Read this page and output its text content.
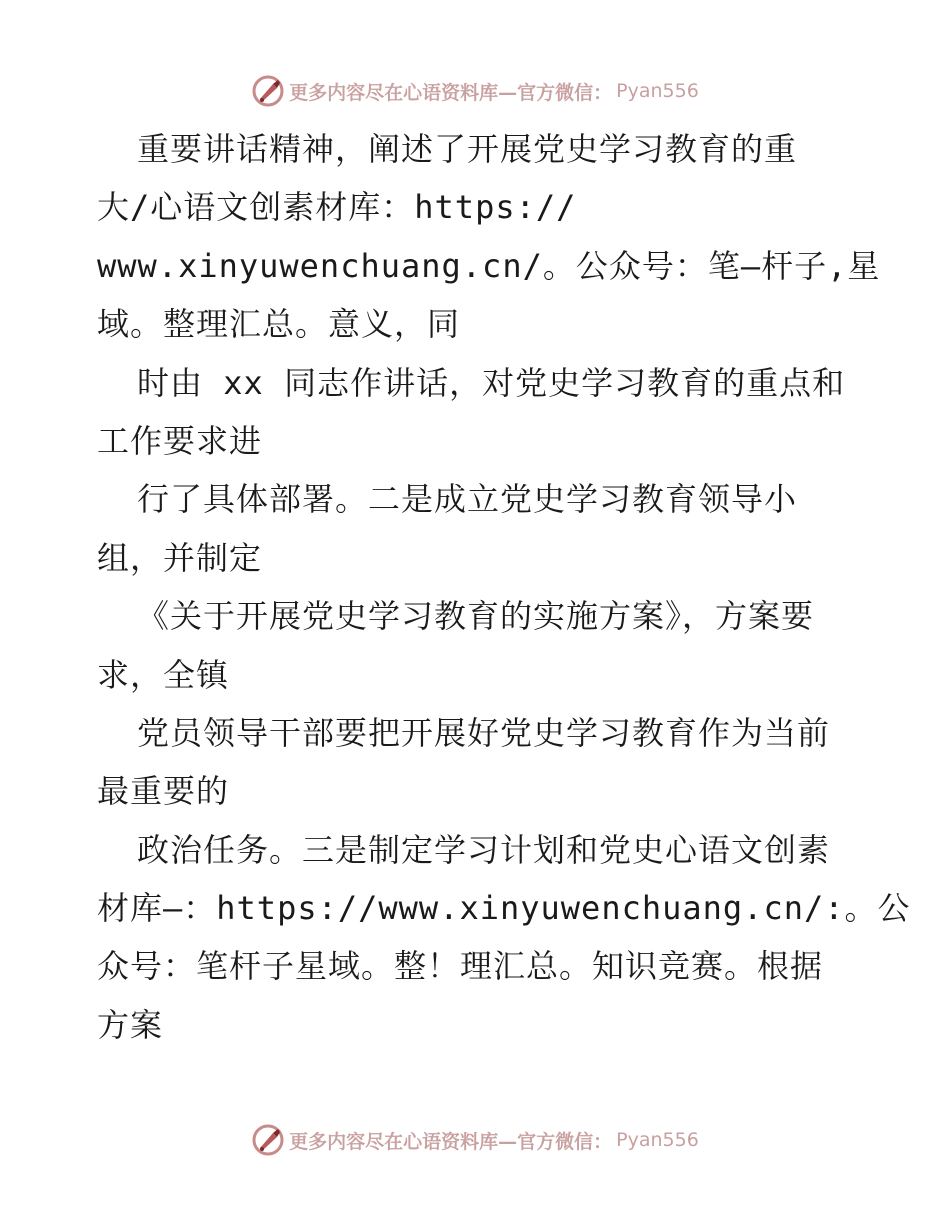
更多内容尽在心语资料库—官方微信： Pyan556
重要讲话精神，阐述了开展党史学习教育的重
大/心语文创素材库：https://
www.xinyuwenchuang.cn/。公众号：笔—杆子,星
域。整理汇总。意义，同
时由 xx 同志作讲话，对党史学习教育的重点和
工作要求进
行了具体部署。二是成立党史学习教育领导小
组，并制定
《关于开展党史学习教育的实施方案》，方案要
求，全镇
党员领导干部要把开展好党史学习教育作为当前
最重要的
政治任务。三是制定学习计划和党史心语文创素
材库—：https://www.xinyuwenchuang.cn/:。公
众号：笔杆子星域。整！理汇总。知识竞赛。根据
方案
更多内容尽在心语资料库—官方微信： Pyan556
